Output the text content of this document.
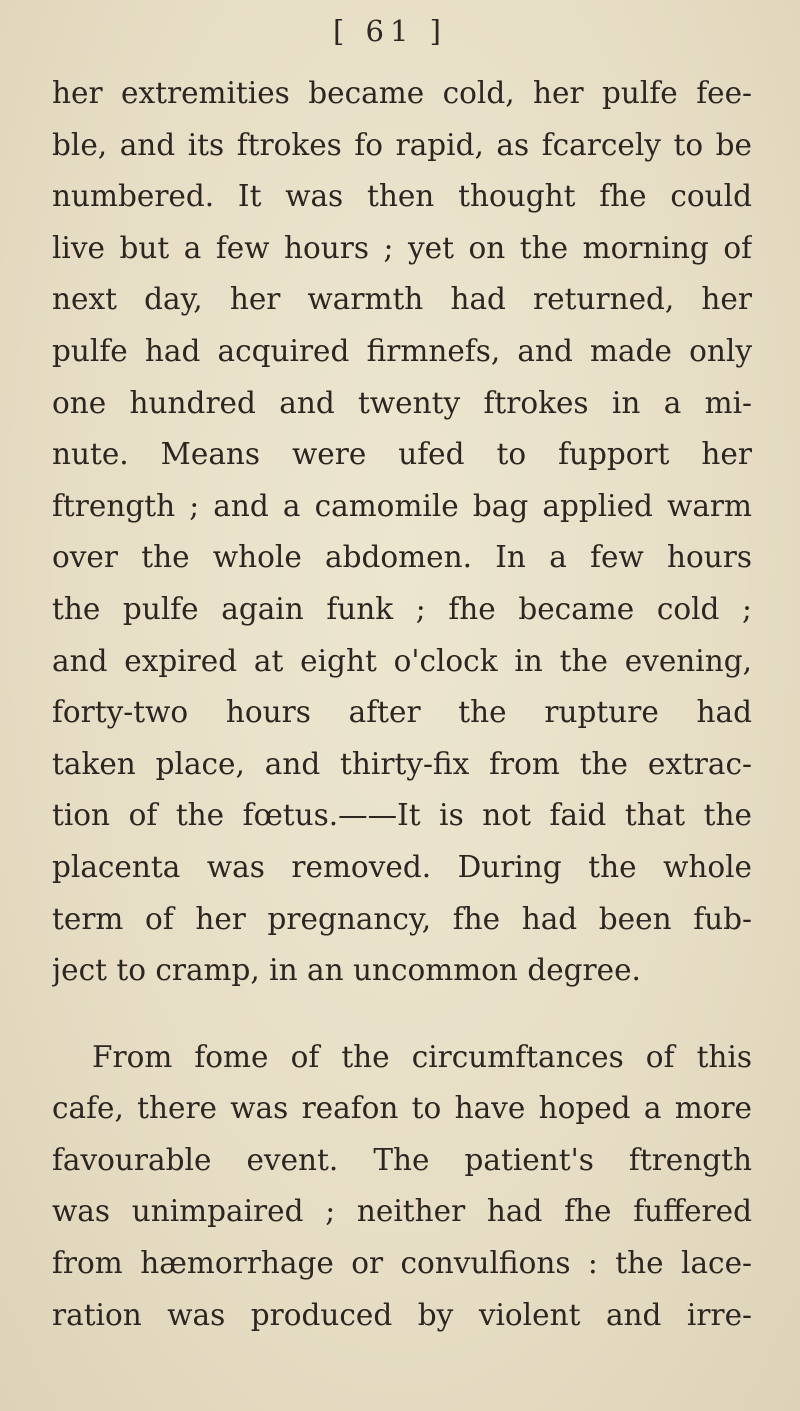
[ 61 ]
her extremities became cold, her pulfe fee-
ble, and its ftrokes fo rapid, as fcarcely to be
numbered. It was then thought fhe could
live but a few hours ; yet on the morning of
next day, her warmth had returned, her
pulfe had acquired firmnefs, and made only
one hundred and twenty ftrokes in a mi-
nute. Means were ufed to fupport her
ftrength ; and a camomile bag applied warm
over the whole abdomen. In a few hours
the pulfe again funk ; fhe became cold ;
and expired at eight o'clock in the evening,
forty-two hours after the rupture had
taken place, and thirty-fix from the extrac-
tion of the fœtus.——It is not faid that the
placenta was removed. During the whole
term of her pregnancy, fhe had been fub-
ject to cramp, in an uncommon degree.
From fome of the circumftances of this
cafe, there was reafon to have hoped a more
favourable event. The patient's ftrength
was unimpaired ; neither had fhe fuffered
from hæmorrhage or convulfions : the lace-
ration was produced by violent and irre-
